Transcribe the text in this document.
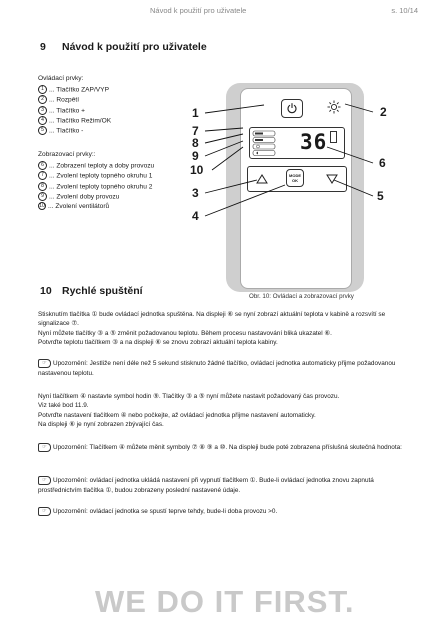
Návod k použití pro uživatele	s. 10/14
9 Návod k použití pro uživatele
Ovládací prvky:
1 ... Tlačítko ZAP/VYP
2 ... Rozpětí
3 ... Tlačítko +
4 ... Tlačítko Režim/OK
5 ... Tlačítko -
Zobrazovací prvky::
6 ... Zobrazení teploty a doby provozu
7 ... Zvolení teploty topného okruhu 1
8 ... Zvolení teploty topného okruhu 2
9 ... Zvolení doby provozu
10 ... Zvolení ventilátorů
36
MODE OK
1	2
3
4
5
6
7
8
9
10
Obr. 10: Ovládací a zobrazovací prvky
10 Rychlé spuštění

Stisknutím tlačítka ① bude ovládací jednotka spuštěna. Na displeji ⑥ se nyní zobrazí aktuální teplota v kabině a rozsvítí se signalizace ⑦.

Nyní můžete tlačítky ③ a ⑤ změnit požadovanou teplotu. Během procesu nastavování bliká ukazatel ⑥.

Potvrďte teplotu tlačítkem ③ a na displeji ⑥ se znovu zobrazí aktuální teplota kabiny.

☞ Upozornění: Jestliže není déle než 5 sekund stisknuto žádné tlačítko, ovládací jednotka automaticky přijme požadovanou nastavenou teplotu.

Nyní tlačítkem ④ nastavte symbol hodin ⑨. Tlačítky ③ a ⑤ nyní můžete nastavit požadovaný čas provozu.

Viz také bod 11.9.

Potvrďte nastavení tlačítkem ④ nebo počkejte, až ovládací jednotka přijme nastavení automaticky.

Na displeji ⑥ je nyní zobrazen zbývající čas.

☞ Upozornění: Tlačítkem ④ můžete měnit symboly ⑦ ⑧ ⑨ a ⑩. Na displeji bude poté zobrazena příslušná skutečná hodnota:
☞ Upozornění: ovládací jednotka ukládá nastavení při vypnutí tlačítkem ①. Bude-li ovládací jednotka znovu zapnutá prostřednictvím tlačítka ①, budou zobrazeny poslední nastavené údaje.
☞ Upozornění: ovládací jednotka se spustí teprve tehdy, bude-li doba provozu >0.
WE DO IT FIRST.
